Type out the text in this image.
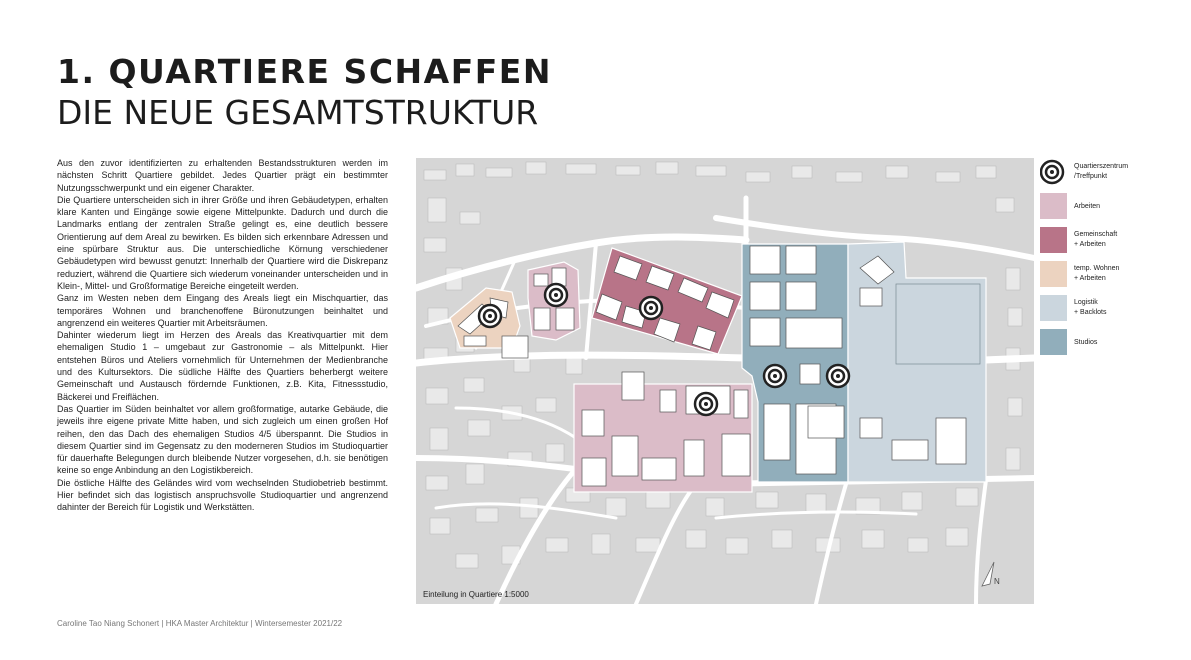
1. QUARTIERE SCHAFFEN
DIE NEUE GESAMTSTRUKTUR

Aus den zuvor identifizierten zu erhaltenden Bestandsstrukturen werden im nächsten Schritt Quartiere gebildet. Jedes Quartier prägt ein bestimmter Nutzungsschwerpunkt und ein eigener Charakter.

Die Quartiere unterscheiden sich in ihrer Größe und ihren Gebäudetypen, erhalten klare Kanten und Eingänge sowie eigene Mittelpunkte. Dadurch und durch die Landmarks entlang der zentralen Straße gelingt es, eine deutlich bessere Orientierung auf dem Areal zu bewirken. Es bilden sich erkennbare Adressen und eine spürbare Struktur aus. Die unterschiedliche Körnung verschiedener Gebäudetypen wird bewusst genutzt: Innerhalb der Quartiere wird die Diskrepanz reduziert, während die Quartiere sich wiederum voneinander unterscheiden und in Klein-, Mittel- und Großformatige Bereiche eingeteilt werden.

Ganz im Westen neben dem Eingang des Areals liegt ein Mischquartier, das temporäres Wohnen und branchenoffene Büronutzungen beinhaltet und angrenzend ein weiteres Quartier mit Arbeitsräumen.

Dahinter wiederum liegt im Herzen des Areals das Kreativquartier mit dem ehemaligen Studio 1 – umgebaut zur Gastronomie – als Mittelpunkt. Hier entstehen Büros und Ateliers vornehmlich für Unternehmen der Medienbranche und des Kultursektors. Die südliche Hälfte des Quartiers beherbergt weitere Gemeinschaft und Austausch fördernde Funktionen, z.B. Kita, Fitnessstudio, Bäckerei und Freiflächen.

Das Quartier im Süden beinhaltet vor allem großformatige, autarke Gebäude, die jeweils ihre eigene private Mitte haben, und sich zugleich um einen großen Hof reihen, den das Dach des ehemaligen Studios 4/5 überspannt. Die Studios in diesem Quartier sind im Gegensatz zu den moderneren Studios im Studioquartier für dauerhafte Belegungen durch bleibende Nutzer vorgesehen, d.h. sie benötigen keine so enge Anbindung an den Logistikbereich.

Die östliche Hälfte des Geländes wird vom wechselnden Studiobetrieb bestimmt. Hier befindet sich das logistisch anspruchsvolle Studioquartier und angrenzend dahinter der Bereich für Logistik und Werkstätten.

Caroline Tao Niang Schonert | HKA Master Architektur | Wintersemester 2021/22
N
Einteilung in Quartiere 1:5000
Quartierszentrum
/Treffpunkt
Arbeiten
Gemeinschaft
+ Arbeiten
temp. Wohnen
+ Arbeiten
Logistik
+ Backlots
Studios
